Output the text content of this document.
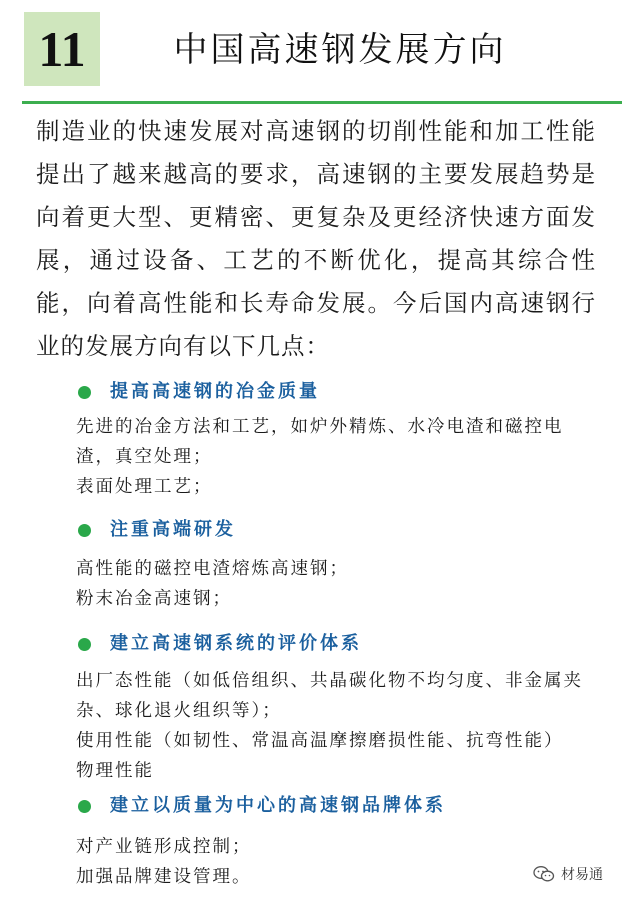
11	中国高速钢发展方向

制造业的快速发展对高速钢的切削性能和加工性能提出了越来越高的要求，高速钢的主要发展趋势是向着更大型、更精密、更复杂及更经济快速方面发展，通过设备、工艺的不断优化，提高其综合性能，向着高性能和长寿命发展。今后国内高速钢行业的发展方向有以下几点：

提高高速钢的冶金质量
先进的冶金方法和工艺，如炉外精炼、水冷电渣和磁控电渣，真空处理；
表面处理工艺；
注重高端研发
高性能的磁控电渣熔炼高速钢；
粉末冶金高速钢；
建立高速钢系统的评价体系
出厂态性能（如低倍组织、共晶碳化物不均匀度、非金属夹杂、球化退火组织等）；
使用性能（如韧性、常温高温摩擦磨损性能、抗弯性能）
物理性能
建立以质量为中心的高速钢品牌体系
对产业链形成控制；
加强品牌建设管理。	材易通
